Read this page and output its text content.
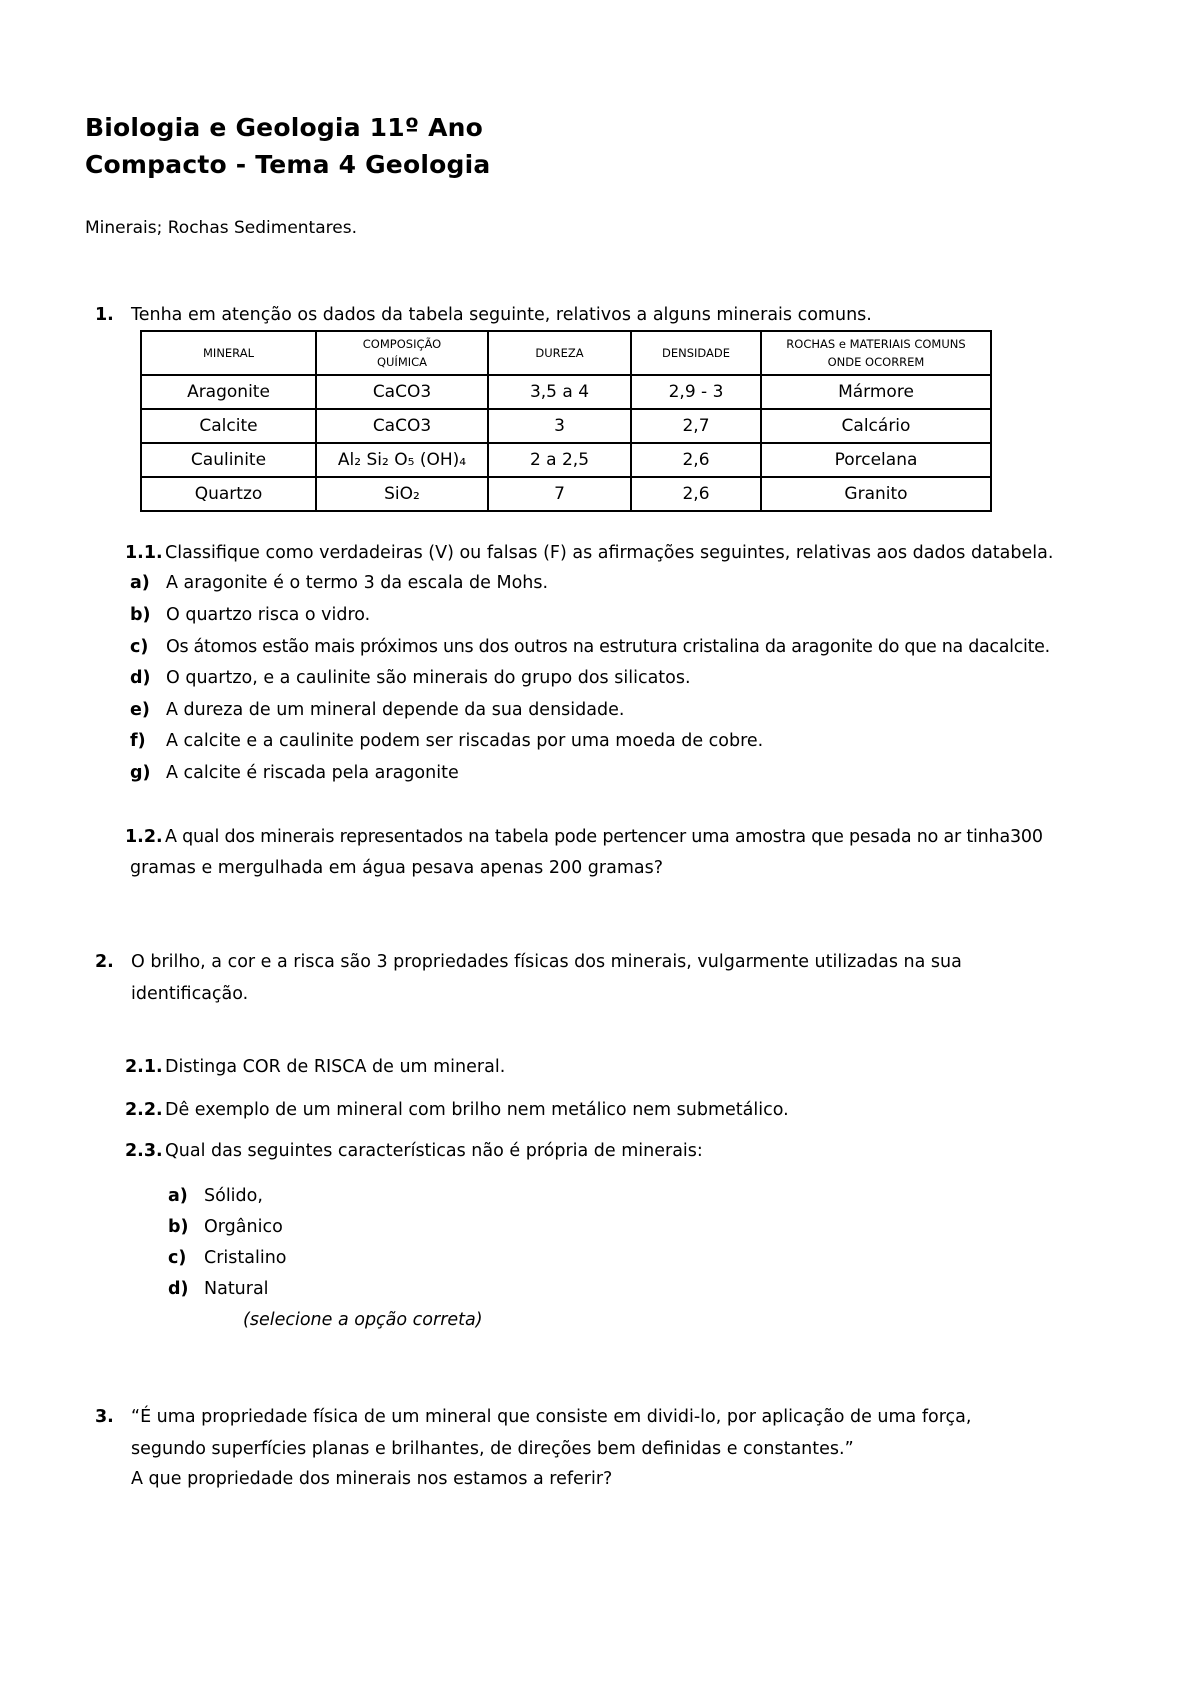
Biologia e Geologia 11º Ano
Compacto - Tema 4 Geologia
Minerais; Rochas Sedimentares.
1. Tenha em atenção os dados da tabela seguinte, relativos a alguns minerais comuns.
MINERAL	COMPOSIÇÃO QUÍMICA	DUREZA	DENSIDADE	ROCHAS e MATERIAIS COMUNS ONDE OCORREM
Aragonite	CaCO3	3,5 a 4	2,9 - 3	Mármore
Calcite	CaCO3	3	2,7	Calcário
Caulinite	Al₂ Si₂ O₅ (OH)₄	2 a 2,5	2,6	Porcelana
Quartzo	SiO₂	7	2,6	Granito
1.1. Classifique como verdadeiras (V) ou falsas (F) as afirmações seguintes, relativas aos dados databela.
a) A aragonite é o termo 3 da escala de Mohs.
b) O quartzo risca o vidro.
c) Os átomos estão mais próximos uns dos outros na estrutura cristalina da aragonite do que na dacalcite.
d) O quartzo, e a caulinite são minerais do grupo dos silicatos.
e) A dureza de um mineral depende da sua densidade.
f) A calcite e a caulinite podem ser riscadas por uma moeda de cobre.
g) A calcite é riscada pela aragonite
1.2. A qual dos minerais representados na tabela pode pertencer uma amostra que pesada no ar tinha300
gramas e mergulhada em água pesava apenas 200 gramas?
2. O brilho, a cor e a risca são 3 propriedades físicas dos minerais, vulgarmente utilizadas na sua
identificação.
2.1. Distinga COR de RISCA de um mineral.
2.2. Dê exemplo de um mineral com brilho nem metálico nem submetálico.
2.3. Qual das seguintes características não é própria de minerais:
a) Sólido,
b) Orgânico
c) Cristalino
d) Natural
(selecione a opção correta)
3. “É uma propriedade física de um mineral que consiste em dividi-lo, por aplicação de uma força,
segundo superfícies planas e brilhantes, de direções bem definidas e constantes.”
A que propriedade dos minerais nos estamos a referir?
